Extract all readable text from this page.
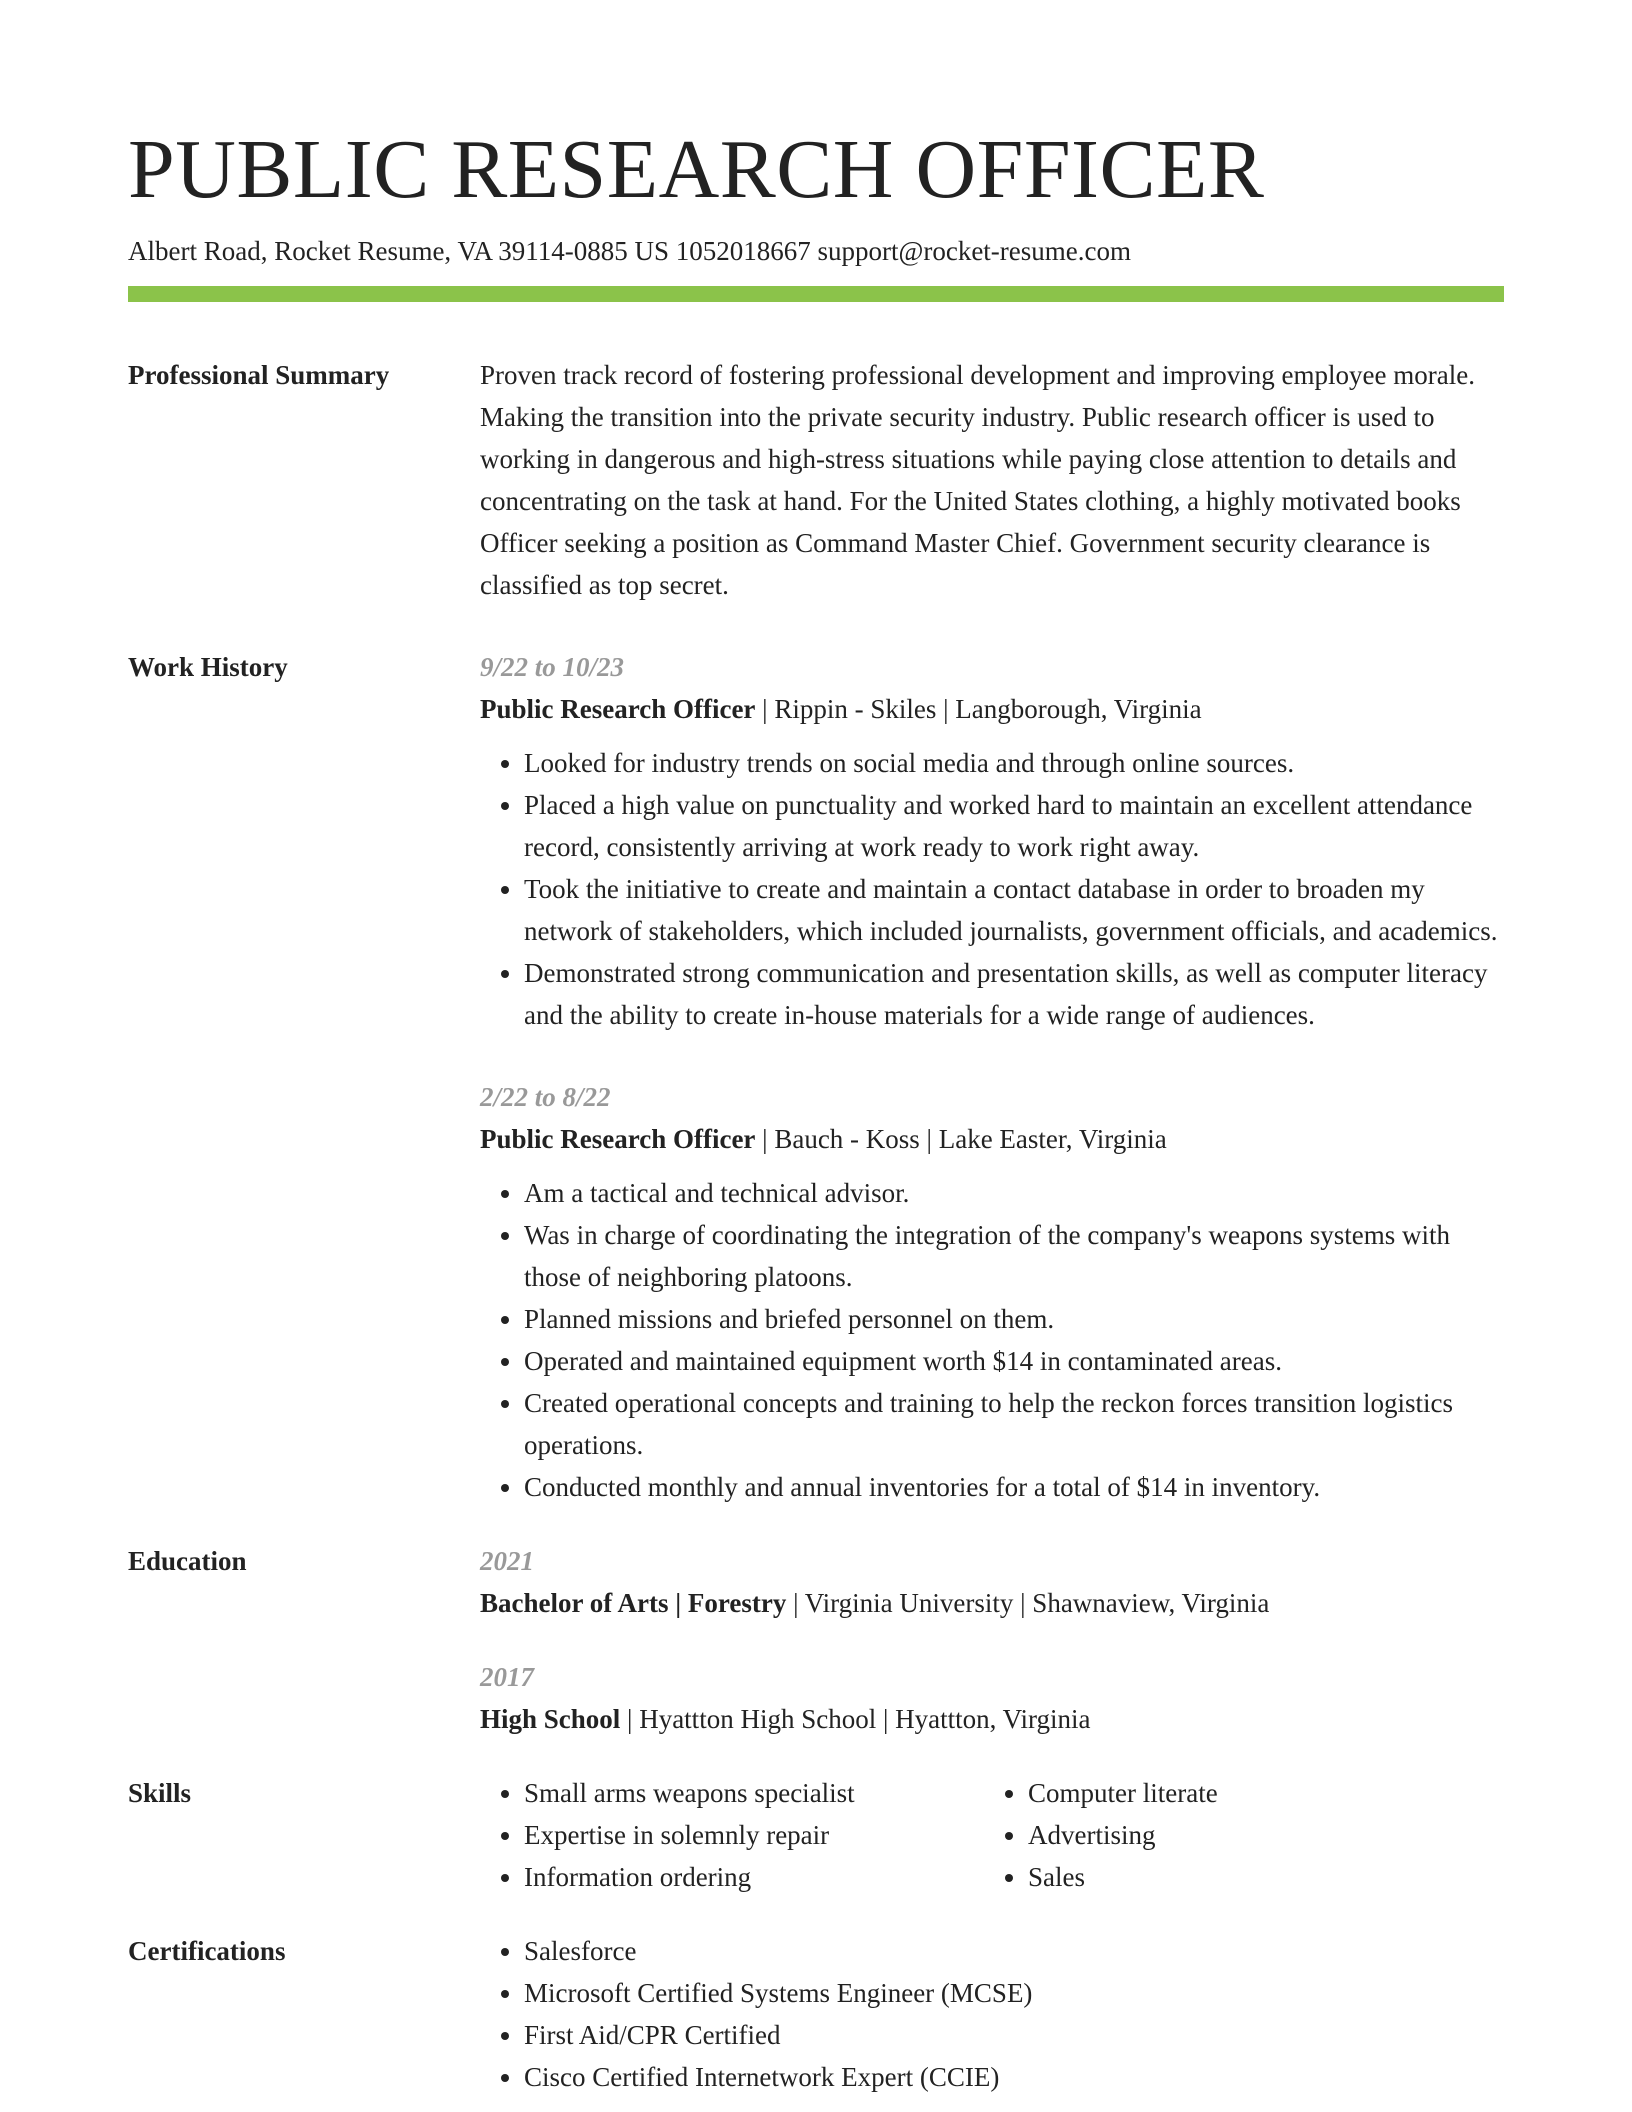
PUBLIC RESEARCH OFFICER
Albert Road, Rocket Resume, VA 39114-0885 US 1052018667 support@rocket-resume.com
Professional Summary	Proven track record of fostering professional development and improving employee morale. Making the transition into the private security industry. Public research officer is used to working in dangerous and high-stress situations while paying close attention to details and concentrating on the task at hand. For the United States clothing, a highly motivated books Officer seeking a position as Command Master Chief. Government security clearance is classified as top secret.
Work History	9/22 to 10/23
Public Research Officer | Rippin - Skiles | Langborough, Virginia
• Looked for industry trends on social media and through online sources.
• Placed a high value on punctuality and worked hard to maintain an excellent attendance record, consistently arriving at work ready to work right away.
• Took the initiative to create and maintain a contact database in order to broaden my network of stakeholders, which included journalists, government officials, and academics.
• Demonstrated strong communication and presentation skills, as well as computer literacy and the ability to create in-house materials for a wide range of audiences.
2/22 to 8/22
Public Research Officer | Bauch - Koss | Lake Easter, Virginia
• Am a tactical and technical advisor.
• Was in charge of coordinating the integration of the company's weapons systems with those of neighboring platoons.
• Planned missions and briefed personnel on them.
• Operated and maintained equipment worth $14 in contaminated areas.
• Created operational concepts and training to help the reckon forces transition logistics operations.
• Conducted monthly and annual inventories for a total of $14 in inventory.
Education	2021
Bachelor of Arts | Forestry | Virginia University | Shawnaview, Virginia
2017
High School | Hyattton High School | Hyattton, Virginia
Skills	• Small arms weapons specialist
• Expertise in solemnly repair
• Information ordering
• Computer literate
• Advertising
• Sales
Certifications	• Salesforce
• Microsoft Certified Systems Engineer (MCSE)
• First Aid/CPR Certified
• Cisco Certified Internetwork Expert (CCIE)
